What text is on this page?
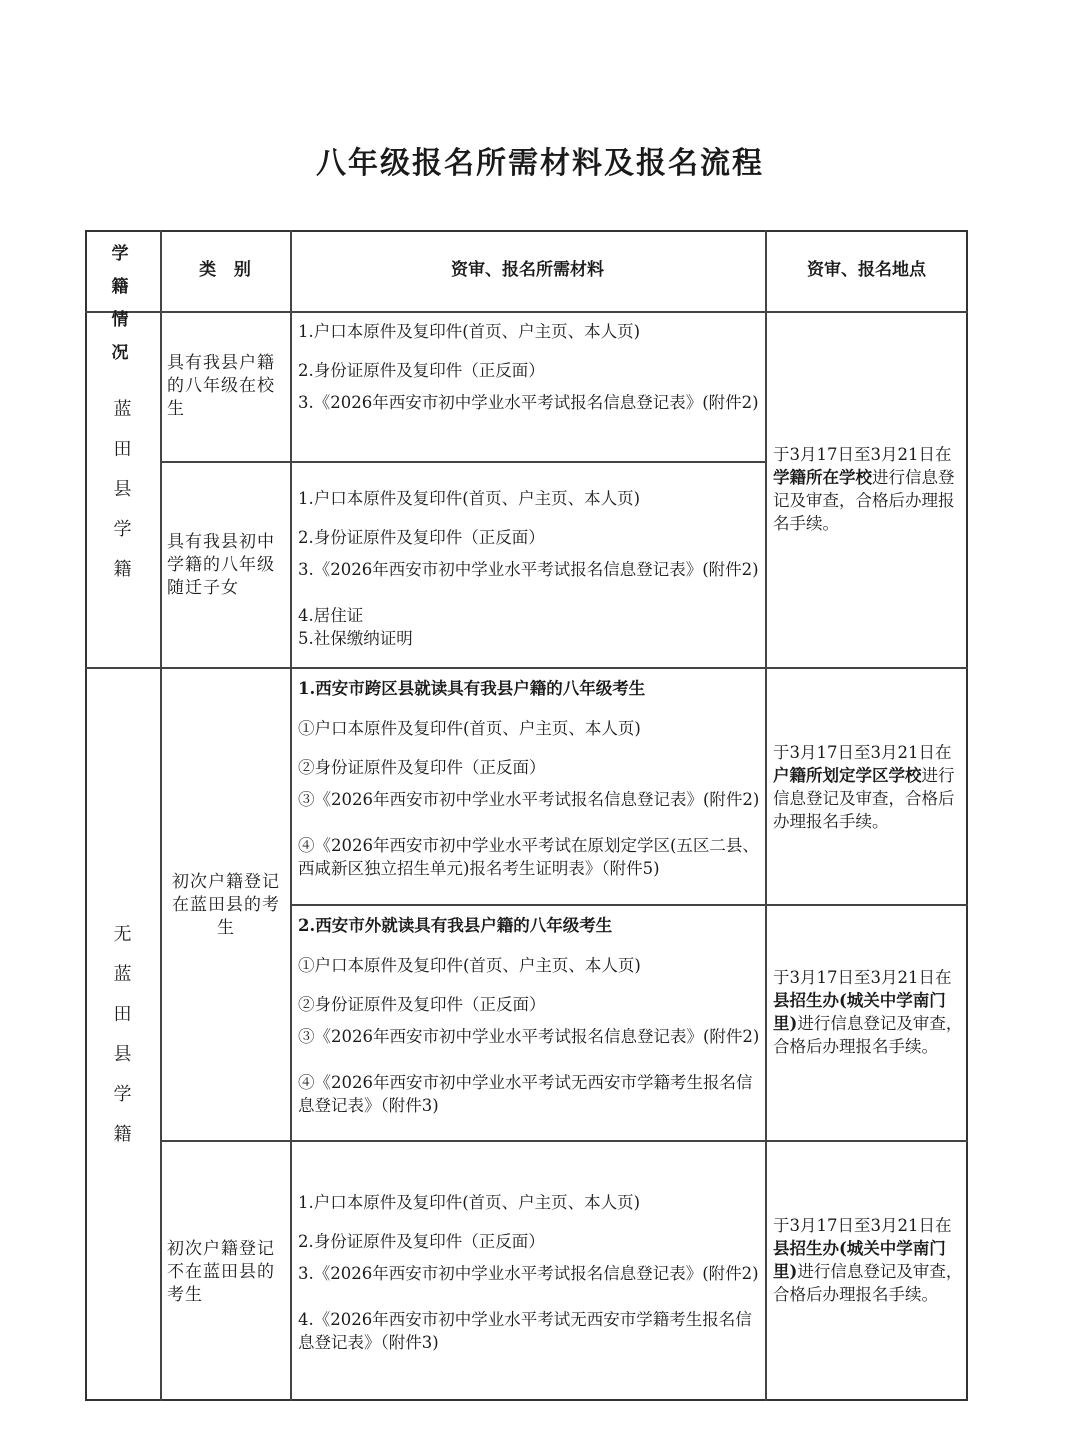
八年级报名所需材料及报名流程
学 籍 情 况
类   别	资审、报名所需材料	资审、报名地点
蓝
田
县
学
籍
具有我县户籍的八年级在校生
1.户口本原件及复印件(首页、户主页、本人页)
2.身份证原件及复印件（正反面）
3.《2026年西安市初中学业水平考试报名信息登记表》(附件2)
具有我县初中学籍的八年级随迁子女
1.户口本原件及复印件(首页、户主页、本人页)
2.身份证原件及复印件（正反面）
3.《2026年西安市初中学业水平考试报名信息登记表》(附件2)
4.居住证
5.社保缴纳证明
于3月17日至3月21日在学籍所在学校进行信息登记及审查，合格后办理报名手续。
无
蓝
田
县
学
籍
初次户籍登记在蓝田县的考生
1.西安市跨区县就读具有我县户籍的八年级考生
①户口本原件及复印件(首页、户主页、本人页)
②身份证原件及复印件（正反面）
③《2026年西安市初中学业水平考试报名信息登记表》(附件2)
④《2026年西安市初中学业水平考试在原划定学区(五区二县、西咸新区独立招生单元)报名考生证明表》（附件5)
于3月17日至3月21日在户籍所划定学区学校进行信息登记及审查，合格后办理报名手续。
2.西安市外就读具有我县户籍的八年级考生
①户口本原件及复印件(首页、户主页、本人页)
②身份证原件及复印件（正反面）
③《2026年西安市初中学业水平考试报名信息登记表》(附件2)
④《2026年西安市初中学业水平考试无西安市学籍考生报名信息登记表》（附件3)
于3月17日至3月21日在县招生办(城关中学南门里)进行信息登记及审查，合格后办理报名手续。
初次户籍登记不在蓝田县的考生
1.户口本原件及复印件(首页、户主页、本人页)
2.身份证原件及复印件（正反面）
3.《2026年西安市初中学业水平考试报名信息登记表》(附件2)
4.《2026年西安市初中学业水平考试无西安市学籍考生报名信息登记表》（附件3)
于3月17日至3月21日在县招生办(城关中学南门里)进行信息登记及审查，合格后办理报名手续。
